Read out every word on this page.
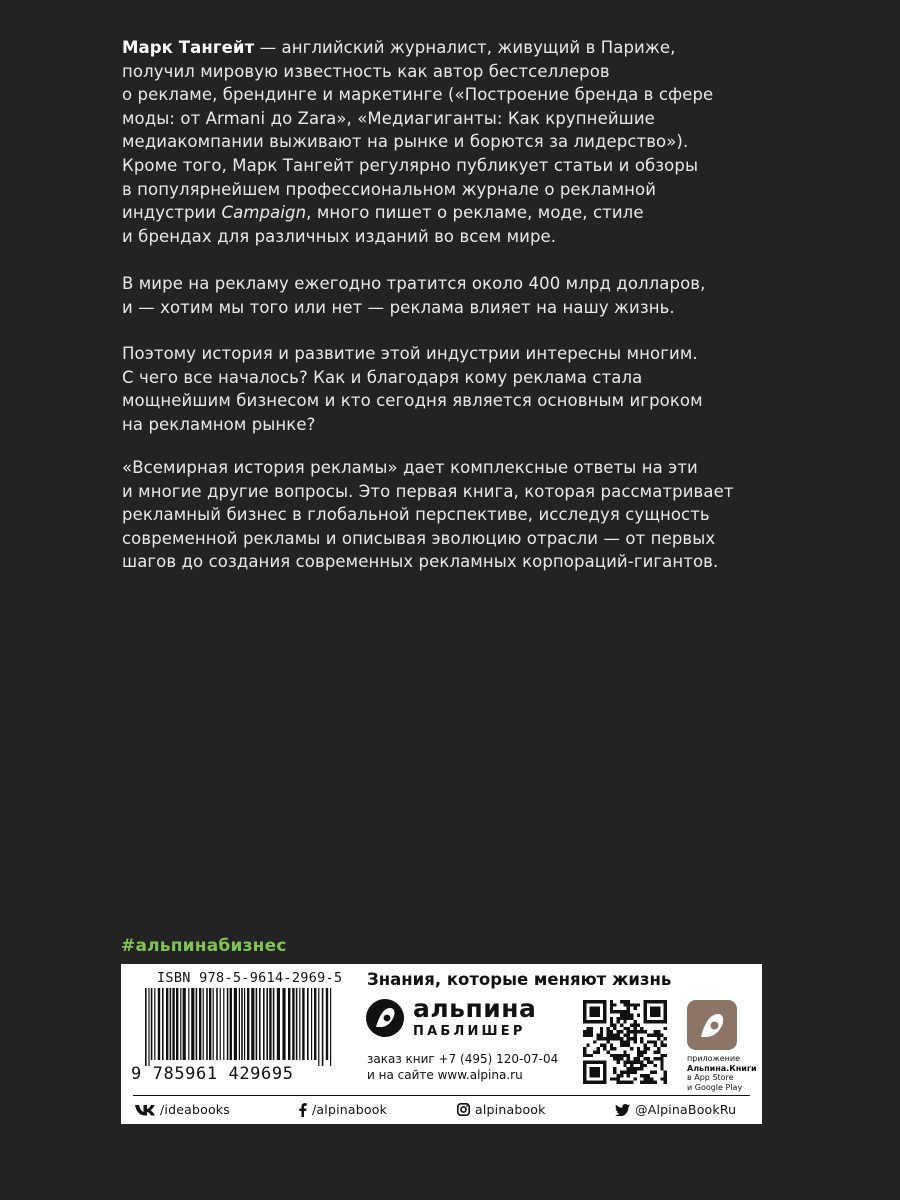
Марк Тангейт — английский журналист, живущий в Париже,
получил мировую известность как автор бестселлеров
о рекламе, брендинге и маркетинге («Построение бренда в сфере
моды: от Armani до Zara», «Медиагиганты: Как крупнейшие
медиакомпании выживают на рынке и борются за лидерство»).
Кроме того, Марк Тангейт регулярно публикует статьи и обзоры
в популярнейшем профессиональном журнале о рекламной
индустрии Campaign, много пишет о рекламе, моде, стиле
и брендах для различных изданий во всем мире.

В мире на рекламу ежегодно тратится около 400 млрд долларов,
и — хотим мы того или нет — реклама влияет на нашу жизнь.

Поэтому история и развитие этой индустрии интересны многим.
С чего все началось? Как и благодаря кому реклама стала
мощнейшим бизнесом и кто сегодня является основным игроком
на рекламном рынке?

«Всемирная история рекламы» дает комплексные ответы на эти
и многие другие вопросы. Это первая книга, которая рассматривает
рекламный бизнес в глобальной перспективе, исследуя сущность
современной рекламы и описывая эволюцию отрасли — от первых
шагов до создания современных рекламных корпораций-гигантов.

#альпинабизнес
ISBN 978-5-9614-2969-5
9 785961 429695
Знания, которые меняют жизнь
альпина
ПАБЛИШЕР
заказ книг +7 (495) 120-07-04
и на сайте www.alpina.ru
приложение
Альпина.Книги
в App Store
и Google Play
/ideabooks	/alpinabook	alpinabook	@AlpinaBookRu
